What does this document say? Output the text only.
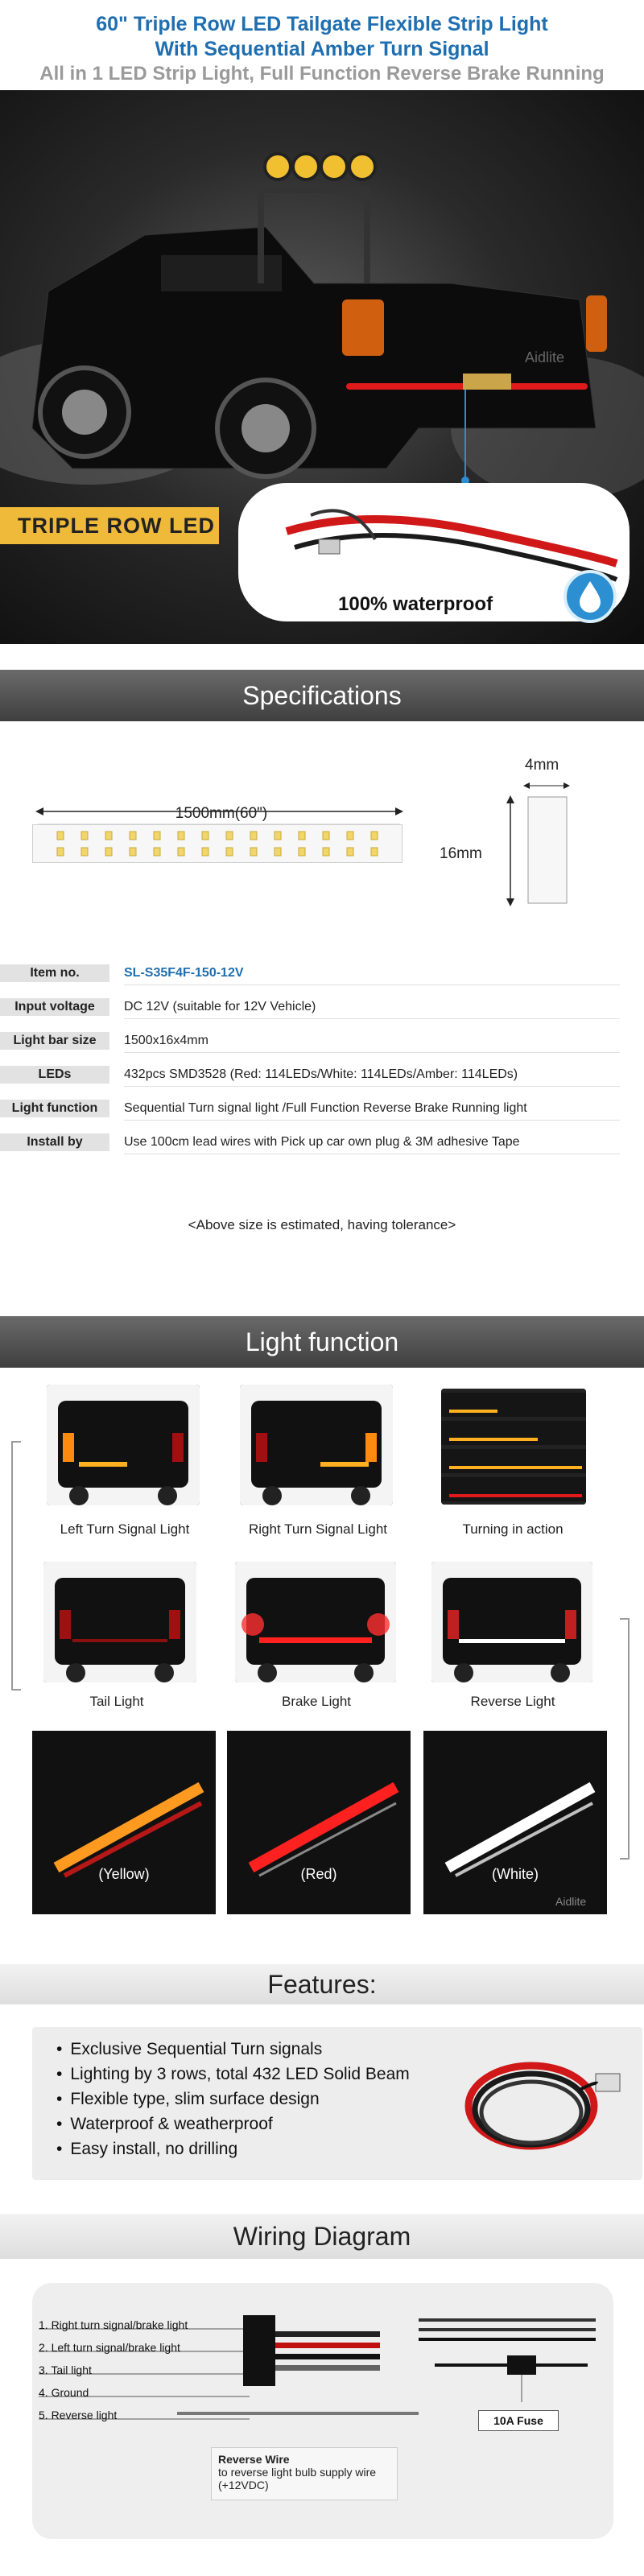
60" Triple Row LED Tailgate Flexible Strip Light
With Sequential Amber Turn Signal
All in 1 LED Strip Light, Full Function Reverse Brake Running
Aidlite
TRIPLE ROW LED
100% waterproof
Specifications
1500mm(60")
4mm
16mm
Item no.	SL-S35F4F-150-12V
Input voltage	DC 12V (suitable for 12V Vehicle)
Light bar size	1500x16x4mm
LEDs	432pcs SMD3528 (Red: 114LEDs/White: 114LEDs/Amber: 114LEDs)
Light function	Sequential Turn signal light /Full Function Reverse Brake Running light
Install by	Use 100cm lead wires with Pick up car own plug & 3M adhesive Tape
<Above size is estimated, having tolerance>
Light function
Left Turn Signal Light	Right Turn Signal Light	Turning in action
Tail Light	Brake Light	Reverse Light
(Yellow)	(Red)	(White)
Aidlite
Features:
• Exclusive Sequential Turn signals
• Lighting by 3 rows, total 432 LED Solid Beam
• Flexible type, slim surface design
• Waterproof & weatherproof
• Easy install, no drilling
Wiring Diagram
1. Right turn signal/brake light
2. Left turn signal/brake light
3. Tail light
4. Ground
5. Reverse light	10A Fuse
Reverse Wire
to reverse light bulb supply wire (+12VDC)
